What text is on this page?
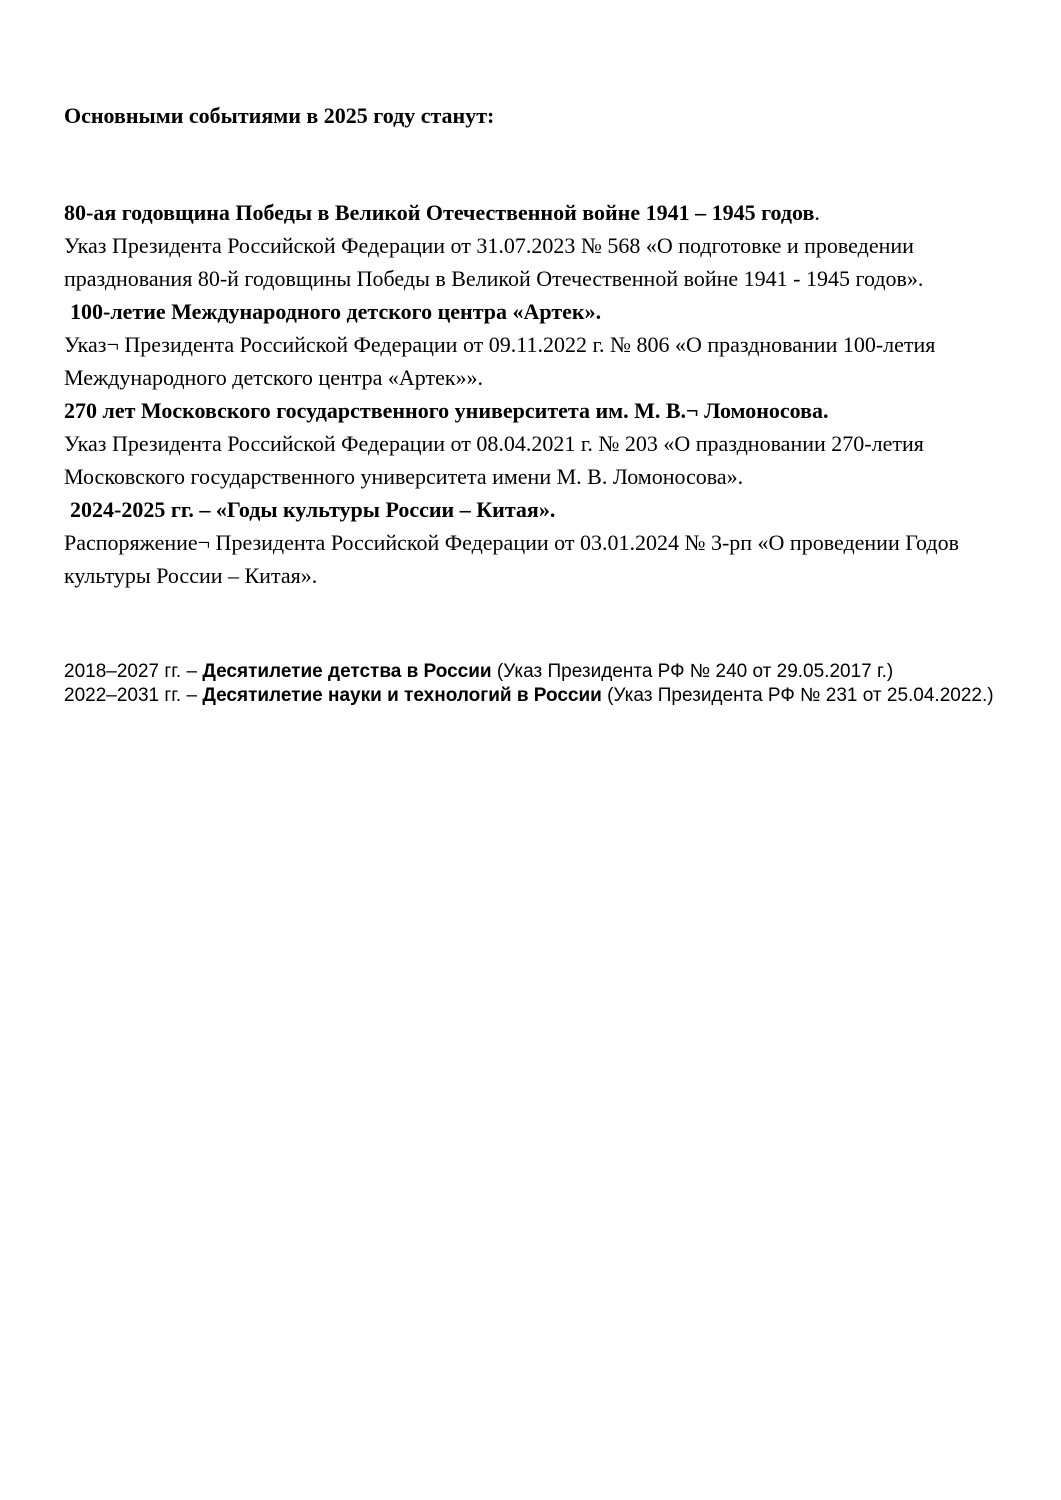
Основными событиями в 2025 году станут:

80-ая годовщина Победы в Великой Отечественной войне 1941 – 1945 годов.

Указ Президента Российской Федерации от 31.07.2023 № 568 «О подготовке и проведении празднования 80-й годовщины Победы в Великой Отечественной войне 1941 - 1945 годов».

100-летие Международного детского центра «Артек».

Указ¬ Президента Российской Федерации от 09.11.2022 г. № 806 «О праздновании 100-летия Международного детского центра «Артек»».

270 лет Московского государственного университета им. М. В.¬ Ломоносова.

Указ Президента Российской Федерации от 08.04.2021 г. № 203 «О праздновании 270-летия Московского государственного университета имени М. В. Ломоносова».

2024-2025 гг. – «Годы культуры России – Китая».

Распоряжение¬ Президента Российской Федерации от 03.01.2024 № 3-рп «О проведении Годов культуры России – Китая».

2018–2027 гг. – Десятилетие детства в России (Указ Президента РФ № 240 от 29.05.2017 г.)

2022–2031 гг. – Десятилетие науки и технологий в России (Указ Президента РФ № 231 от 25.04.2022.)
